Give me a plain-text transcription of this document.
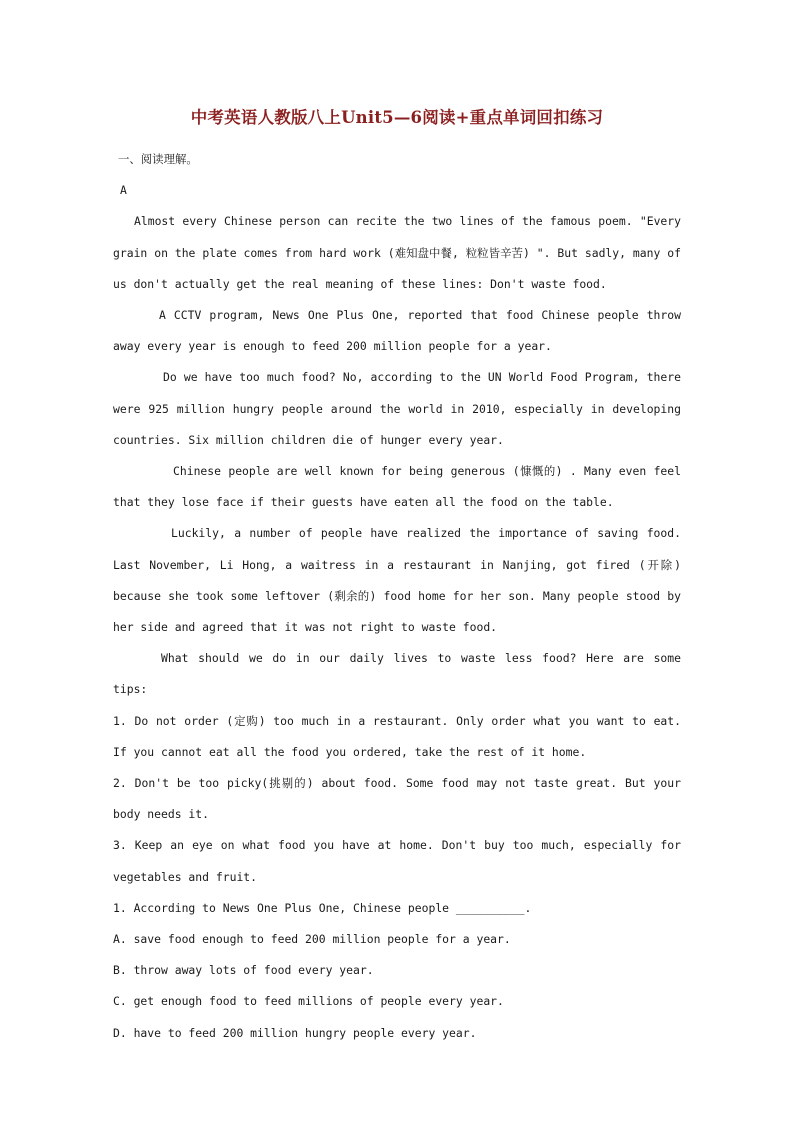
中考英语人教版八上Unit5—6阅读+重点单词回扣练习

一、阅读理解。

A

Almost every Chinese person can recite the two lines of the famous poem. "Every grain on the plate comes from hard work (难知盘中餐, 粒粒皆辛苦) ". But sadly, many of us don't actually get the real meaning of these lines: Don't waste food.

A CCTV program, News One Plus One, reported that food Chinese people throw away every year is enough to feed 200 million people for a year.

Do we have too much food? No, according to the UN World Food Program, there were 925 million hungry people around the world in 2010, especially in developing countries. Six million children die of hunger every year.

Chinese people are well known for being generous (慷慨的) . Many even feel that they lose face if their guests have eaten all the food on the table.

Luckily, a number of people have realized the importance of saving food. Last November, Li Hong, a waitress in a restaurant in Nanjing, got fired (开除) because she took some leftover (剩余的) food home for her son. Many people stood by her side and agreed that it was not right to waste food.

What should we do in our daily lives to waste less food? Here are some tips:

1. Do not order (定购) too much in a restaurant. Only order what you want to eat. If you cannot eat all the food you ordered, take the rest of it home.

2. Don't be too picky(挑剔的) about food. Some food may not taste great. But your body needs it.

3. Keep an eye on what food you have at home. Don't buy too much, especially for vegetables and fruit.

1. According to News One Plus One, Chinese people __________.

A. save food enough to feed 200 million people for a year.

B. throw away lots of food every year.

C. get enough food to feed millions of people every year.

D. have to feed 200 million hungry people every year.
